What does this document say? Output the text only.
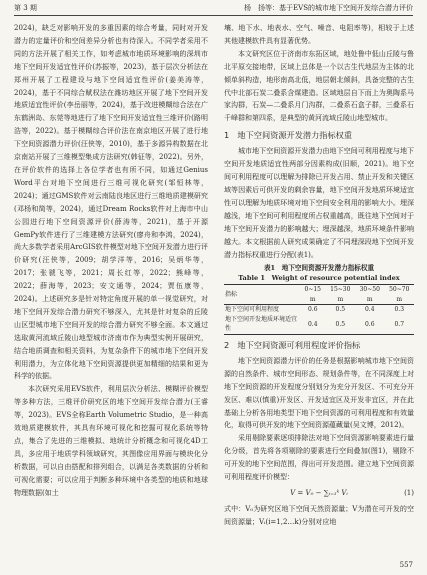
第 3 期	杨　扬等：基于EVS的城市地下空间开发综合潜力评价

2024)，缺乏对影响开发的多重因素的综合考量，同时对开发潜力的定量评价和空间差异分析也有待深入。不同学者采用不同的方法开展了相关工作，如考虑城市地质环境影响的深圳市地下空间开发适宜性评价(苏振等，2023)，基于层次分析法在郑州开展了工程建设与地下空间适宜性评价(姜美涛等，2024)，基于不同综合赋权法在潍坊地区开展了地下空间开发地质适宜性评价(李岳丽等，2024)，基于改进模糊综合法在广东鹤洲岛、东莞等地进行了地下空间开发适宜性三维评价(路明浩等，2022)。基于模糊综合评价法在南京地区开展了进行地下空间资源潜力评价(汪侠等，2010)，基于多源异构数据在北京南站开展了三维模型集成方法研究(韩征等，2022)。另外，在评价软件的选择上各位学者也有所不同，如通过Genius Word平台对地下空间进行三维可视化研究(邹恒林等，2024)；通过GMS软件对云南陆良地区进行三维地质建模研究(邓杨和简等，2024)，通过Dream Rocks软件对上海市中山公园进行地下空间资源评价(薛涛等，2021)，基于开源GemPy软件进行了三维建模方法研究(廖舟和李鸿，2024)，尚大多数学者采用ArcGIS软件模型对地下空间开发潜力进行评价研究(汪侠等，2009；胡学洋等，2016；吴炳华等，2017；张虢飞等，2021；周长红等，2022；熊峰等，2022；薛海等，2023；安文通等，2024；贾伍康等，2024)。上述研究多是针对特定角度开展的单一视觉研究，对地下空间开发综合潜力研究不够深入，尤其是针对复杂的丘陵山区型城市地下空间开发的综合潜力研究不够全面。本文通过选取黄河流域丘陵山地型城市济南市作为典型实例开展研究，结合地质调查和相关资料，为复杂条件下的城市地下空间开发利用潜力，为立体化地下空间资源提供更加精细的结果和更为科学的依据。

本次研究采用EVS软件，利用层次分析法、模糊评价模型等多种方法，三维评价研究区的地下空间开发综合潜力(王睿等，2023)。EVS全称Earth Volumetric Studio，是一种高效地质建模软件，其具有环境可视化和挖掘可视化系统等特点，集合了先进的三维模拟、地统计分析概念和可视化4D工具，多应用于地质学科领域研究，其图像应用界面与模块化分析数据，可以自由搭配和排列组合，以满足各类数据的分析和可视化需要；可以应用于判断多种环境中各类型的地质和地球物理数据(如土

壤、地下水、地表水、空气、噪音、电阻率等)，相较于上述其他建模软件具有显著优势。

本文研究区位于济南市东拓区域，地处鲁中低山丘陵与鲁北平原交接地带，区域上总体是一个以古生代地层为主体的北倾单斜构造，地形南高北低，地层朝北倾斜，具备完整的古生代中北部石炭二叠系含煤建造。区域地层自下而上为奥陶系马家沟群，石炭—二叠系月门沟群，二叠系石盒子群，三叠系石千峰群和第四系，是典型的黄河流域丘陵山地型城市。

1　地下空间资源开发潜力指标权重

城市地下空间资源开发潜力由地下空间可利用程度与地下空间开发地质适宜性两部分因素构成(旧顺，2021)。地下空间可利用程度可以理解为排除已开发占用、禁止开发和关键区域等因素后可供开发的剩余容量，地下空间开发地质环境适宜性可以理解为地质环境对地下空间安全利用的影响大小。埋深越浅，地下空间可利用程度所占权重越高，既往地下空间对于地下空间开发潜力的影响越大；埋深越深，地质环境条件影响越大。本文根据前人研究成果确定了不同埋深段地下空间开发潜力指标权重进行分配(表1)。

表1　地下空间资源开发潜力指标权重
Table 1　Weight of resource potential index
指标	0~15 m	15~30 m	30~50 m	50~70 m
地下空间可利用程度	0.6	0.5	0.4	0.3
地下空间开发地质环境适宜性	0.4	0.5	0.6	0.7
2　地下空间资源可利用程度评价指标

地下空间资源潜力评价的任务是根据影响城市地下空间资源的自然条件、城市空间形态、规划条件等，在不同深度上对地下空间资源的开发程度分别划分为充分开发区、不可充分开发区、难以(慎重)开发区、开发适宜区及开发非宜区，并在此基础上分析各用地类型下地下空间资源的可利用程度和有效量化，取得可供开发的地下空间资源蕴藏量(吴文博，2012)。

采用剔除要素逐项排除法对地下空间资源影响要素进行量化分级，首先将各项剔除的要素进行空间叠加(图1)，剔除不可开发的地下空间范围，得出可开发范围。建立地下空间资源可利用程度评价模型：

V = V₀ − ∑ᵢ₌₁ᵏ Vᵢ	(1)

式中：V₀为研究区地下空间天然资源量；V为潜在可开发的空间资源量；Vᵢ(i=1,2…k)分别对应地

557
